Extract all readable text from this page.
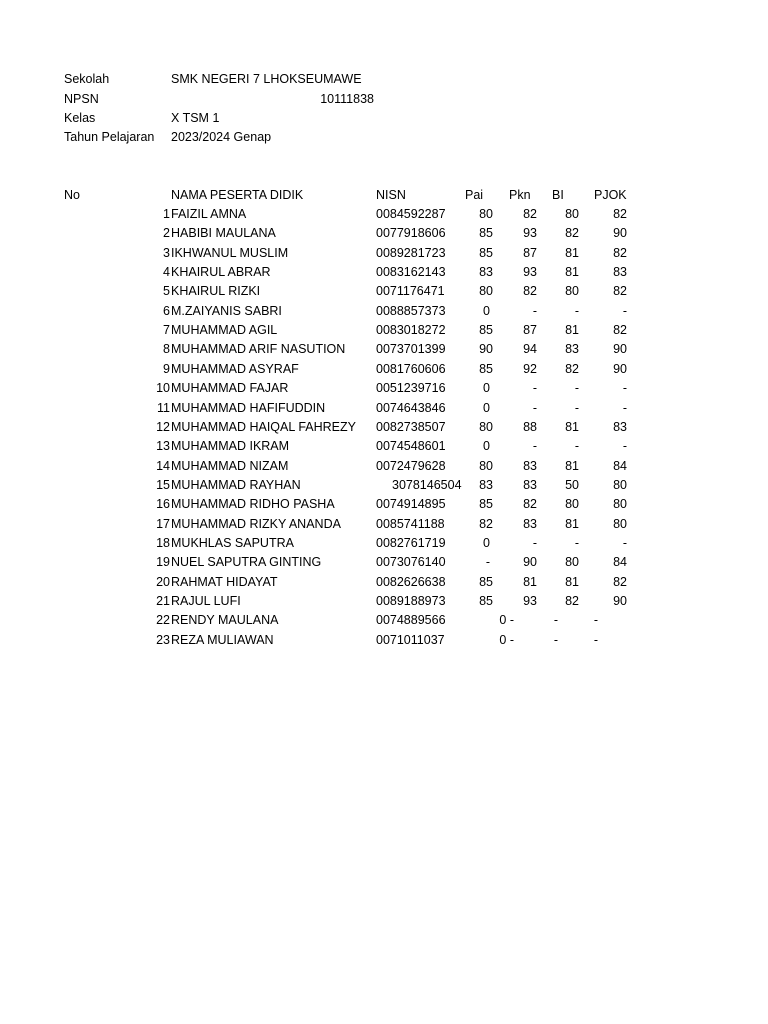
Sekolah	SMK NEGERI 7 LHOKSEUMAWE
NPSN	10111838
Kelas	X TSM 1
Tahun Pelajaran 2023/2024 Genap
No	NAMA PESERTA DIDIK	NISN	Pai Pkn BI PJOK
1 FAIZIL AMNA	0084592287	80	82	80	82
2 HABIBI MAULANA	0077918606	85	93	82	90
3 IKHWANUL MUSLIM	0089281723	85	87	81	82
4 KHAIRUL ABRAR	0083162143	83	93	81	83
5 KHAIRUL RIZKI	0071176471	80	82	80	82
6 M.ZAIYANIS SABRI	0088857373	0	-	-	-
7 MUHAMMAD AGIL	0083018272	85	87	81	82
8 MUHAMMAD ARIF NASUTION	0073701399	90	94	83	90
9 MUHAMMAD ASYRAF	0081760606	85	92	82	90
10 MUHAMMAD FAJAR	0051239716	0	-	-	-
11 MUHAMMAD HAFIFUDDIN	0074643846	0	-	-	-
12 MUHAMMAD HAIQAL FAHREZY	0082738507	80	88	81	83
13 MUHAMMAD IKRAM	0074548601	0	-	-	-
14 MUHAMMAD NIZAM	0072479628	80	83	81	84
15 MUHAMMAD RAYHAN	3078146504	83	83	50	80
16 MUHAMMAD RIDHO PASHA	0074914895	85	82	80	80
17 MUHAMMAD RIZKY ANANDA	0085741188	82	83	81	80
18 MUKHLAS SAPUTRA	0082761719	0	-	-	-
19 NUEL SAPUTRA GINTING	0073076140	-	90	80	84
20 RAHMAT HIDAYAT	0082626638	85	81	81	82
21 RAJUL LUFI	0089188973	85	93	82	90
22 RENDY MAULANA	0074889566	0 -	-	-
23 REZA MULIAWAN	0071011037	0 -	-	-
